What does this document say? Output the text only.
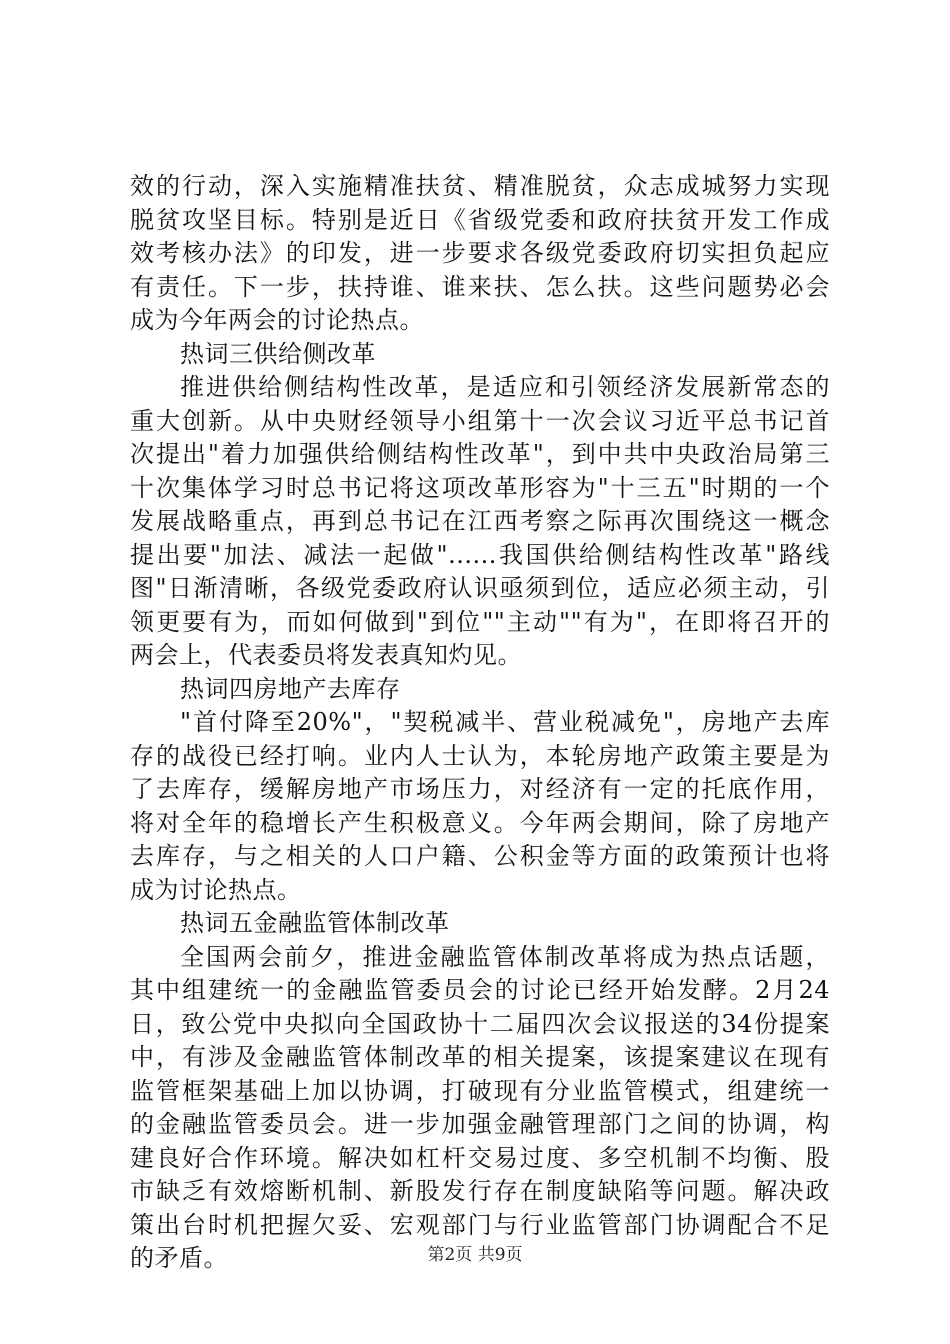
效的行动，深入实施精准扶贫、精准脱贫，众志成城努力实现
脱贫攻坚目标。特别是近日《省级党委和政府扶贫开发工作成
效考核办法》的印发，进一步要求各级党委政府切实担负起应
有责任。下一步，扶持谁、谁来扶、怎么扶。这些问题势必会
成为今年两会的讨论热点。
热词三供给侧改革
推进供给侧结构性改革，是适应和引领经济发展新常态的
重大创新。从中央财经领导小组第十一次会议习近平总书记首
次提出"着力加强供给侧结构性改革"，到中共中央政治局第三
十次集体学习时总书记将这项改革形容为"十三五"时期的一个
发展战略重点，再到总书记在江西考察之际再次围绕这一概念
提出要"加法、减法一起做"......我国供给侧结构性改革"路线
图"日渐清晰，各级党委政府认识亟须到位，适应必须主动，引
领更要有为，而如何做到"到位""主动""有为"，在即将召开的
两会上，代表委员将发表真知灼见。
热词四房地产去库存
"首付降至20%"，"契税减半、营业税减免"，房地产去库
存的战役已经打响。业内人士认为，本轮房地产政策主要是为
了去库存，缓解房地产市场压力，对经济有一定的托底作用，
将对全年的稳增长产生积极意义。今年两会期间，除了房地产
去库存，与之相关的人口户籍、公积金等方面的政策预计也将
成为讨论热点。
热词五金融监管体制改革
全国两会前夕，推进金融监管体制改革将成为热点话题，
其中组建统一的金融监管委员会的讨论已经开始发酵。2月24
日，致公党中央拟向全国政协十二届四次会议报送的34份提案
中，有涉及金融监管体制改革的相关提案，该提案建议在现有
监管框架基础上加以协调，打破现有分业监管模式，组建统一
的金融监管委员会。进一步加强金融管理部门之间的协调，构
建良好合作环境。解决如杠杆交易过度、多空机制不均衡、股
市缺乏有效熔断机制、新股发行存在制度缺陷等问题。解决政
策出台时机把握欠妥、宏观部门与行业监管部门协调配合不足
的矛盾。	第2页 共9页
